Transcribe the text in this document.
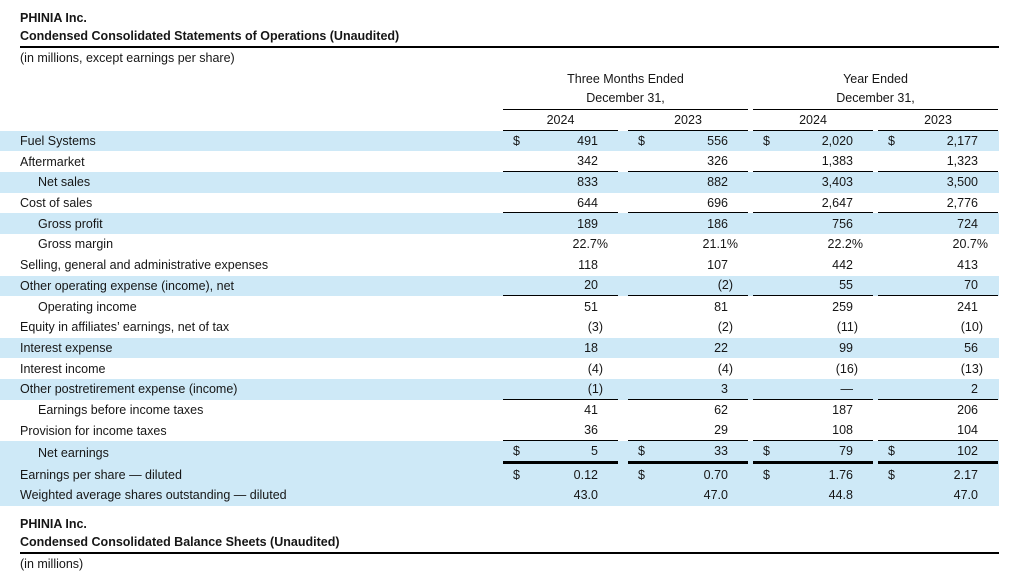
PHINIA Inc.
Condensed Consolidated Statements of Operations (Unaudited)
(in millions, except earnings per share)
Three Months Ended
December 31,
Year Ended
December 31,
2024	2023	2024	2023
Fuel Systems	$	491	$	556	$	2,020	$	2,177
Aftermarket	342	326	1,383	1,323
Net sales	833	882	3,403	3,500
Cost of sales	644	696	2,647	2,776
Gross profit	189	186	756	724
Gross margin	22.7%	21.1%	22.2%	20.7%
Selling, general and administrative expenses	118	107	442	413
Other operating expense (income), net	20	(2)	55	70
Operating income	51	81	259	241
Equity in affiliates’ earnings, net of tax	(3)	(2)	(11)	(10)
Interest expense	18	22	99	56
Interest income	(4)	(4)	(16)	(13)
Other postretirement expense (income)	(1)	3	—	2
Earnings before income taxes	41	62	187	206
Provision for income taxes	36	29	108	104
Net earnings	$	5	$	33	$	79	$	102
Earnings per share — diluted	$	0.12	$	0.70	$	1.76	$	2.17
Weighted average shares outstanding — diluted	43.0	47.0	44.8	47.0
PHINIA Inc.
Condensed Consolidated Balance Sheets (Unaudited)
(in millions)
